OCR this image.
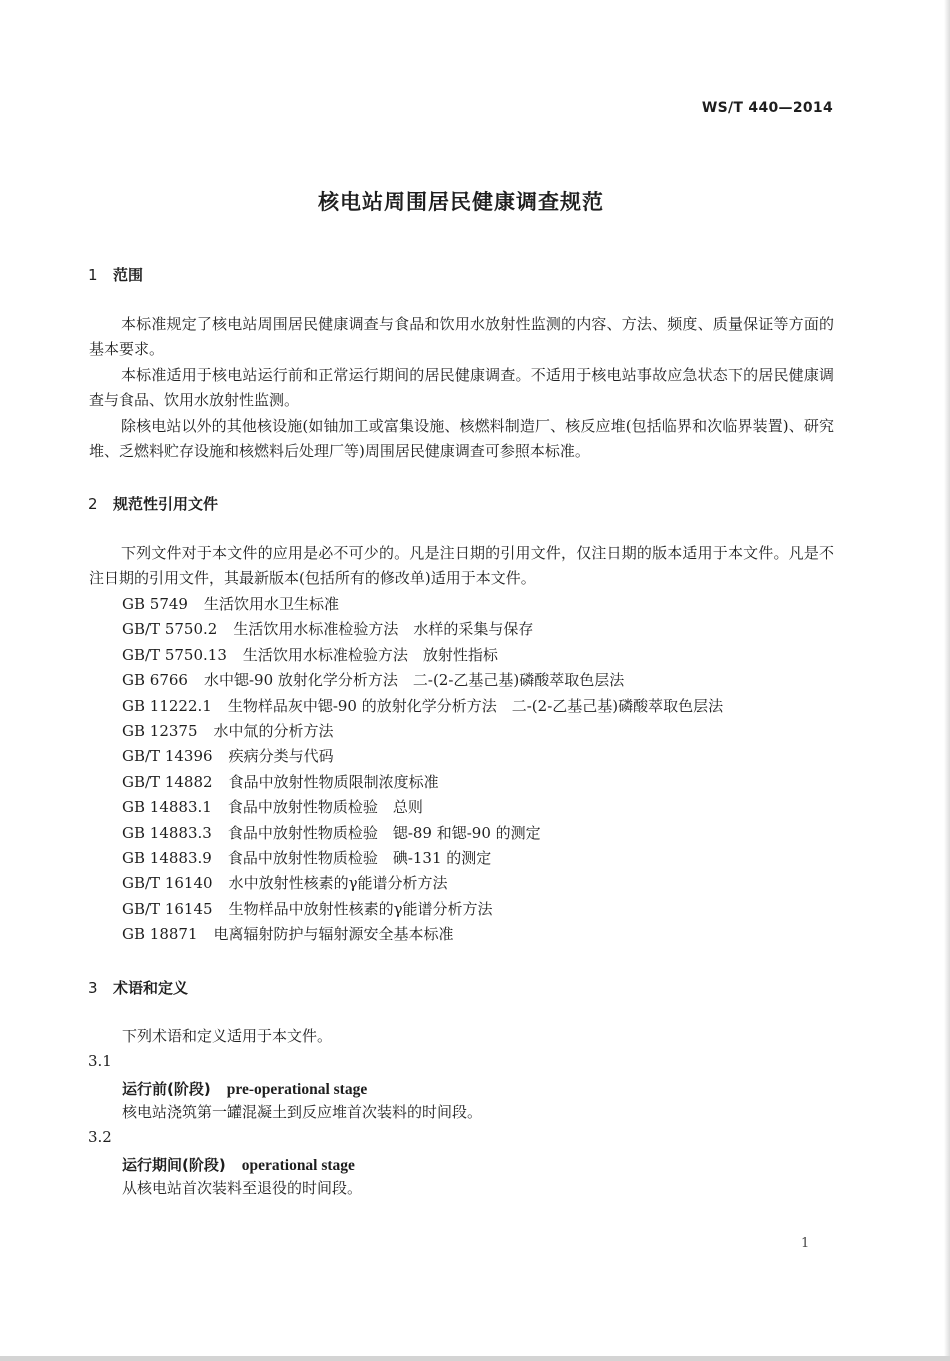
WS/T 440—2014
核电站周围居民健康调查规范
1 范围

本标准规定了核电站周围居民健康调查与食品和饮用水放射性监测的内容、方法、频度、质量保证等方面的基本要求。

本标准适用于核电站运行前和正常运行期间的居民健康调查。不适用于核电站事故应急状态下的居民健康调查与食品、饮用水放射性监测。

除核电站以外的其他核设施(如铀加工或富集设施、核燃料制造厂、核反应堆(包括临界和次临界装置)、研究堆、乏燃料贮存设施和核燃料后处理厂等)周围居民健康调查可参照本标准。

2 规范性引用文件

下列文件对于本文件的应用是必不可少的。凡是注日期的引用文件，仅注日期的版本适用于本文件。凡是不注日期的引用文件，其最新版本(包括所有的修改单)适用于本文件。

GB 5749 生活饮用水卫生标准
GB/T 5750.2 生活饮用水标准检验方法　水样的采集与保存
GB/T 5750.13 生活饮用水标准检验方法　放射性指标
GB 6766 水中锶-90 放射化学分析方法　二-(2-乙基己基)磷酸萃取色层法
GB 11222.1 生物样品灰中锶-90 的放射化学分析方法　二-(2-乙基己基)磷酸萃取色层法
GB 12375 水中氚的分析方法
GB/T 14396 疾病分类与代码
GB/T 14882 食品中放射性物质限制浓度标准
GB 14883.1 食品中放射性物质检验　总则
GB 14883.3 食品中放射性物质检验　锶-89 和锶-90 的测定
GB 14883.9 食品中放射性物质检验　碘-131 的测定
GB/T 16140 水中放射性核素的γ能谱分析方法
GB/T 16145 生物样品中放射性核素的γ能谱分析方法
GB 18871 电离辐射防护与辐射源安全基本标准
3 术语和定义
下列术语和定义适用于本文件。
3.1
运行前(阶段) pre-operational stage
核电站浇筑第一罐混凝土到反应堆首次装料的时间段。
3.2
运行期间(阶段) operational stage
从核电站首次装料至退役的时间段。
1
